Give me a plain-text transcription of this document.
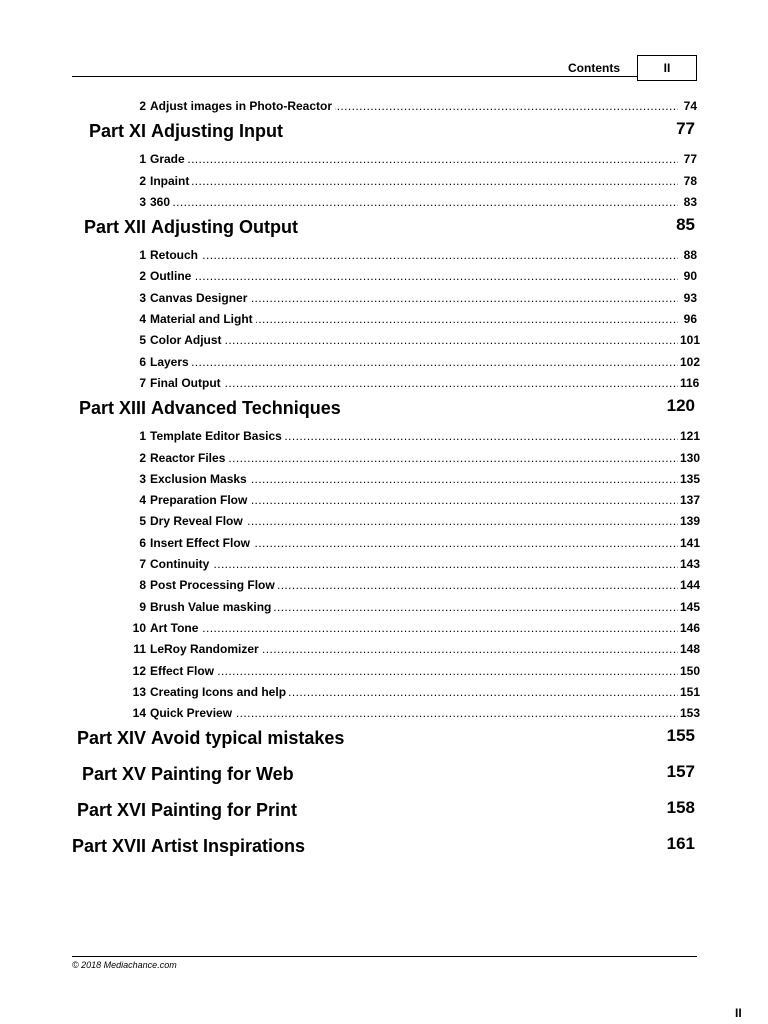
Contents	II
2 Adjust images in Photo-Reactor .....	74
Part XI Adjusting Input	77
1 Grade .....	77
2 Inpaint .....	78
3 360 .....	83
Part XII Adjusting Output	85
1 Retouch .....	88
2 Outline .....	90
3 Canvas Designer .....	93
4 Material and Light .....	96
5 Color Adjust .....	101
6 Layers .....	102
7 Final Output .....	116
Part XIII Advanced Techniques	120
1 Template Editor Basics .....	121
2 Reactor Files .....	130
3 Exclusion Masks .....	135
4 Preparation Flow .....	137
5 Dry Reveal Flow .....	139
6 Insert Effect Flow .....	141
7 Continuity .....	143
8 Post Processing Flow .....	144
9 Brush Value masking .....	145
10 Art Tone .....	146
11 LeRoy Randomizer .....	148
12 Effect Flow .....	150
13 Creating Icons and help .....	151
14 Quick Preview .....	153
Part XIV Avoid typical mistakes	155
Part XV Painting for Web	157
Part XVI Painting for Print	158
Part XVII Artist Inspirations	161
© 2018 Mediachance.com
II
